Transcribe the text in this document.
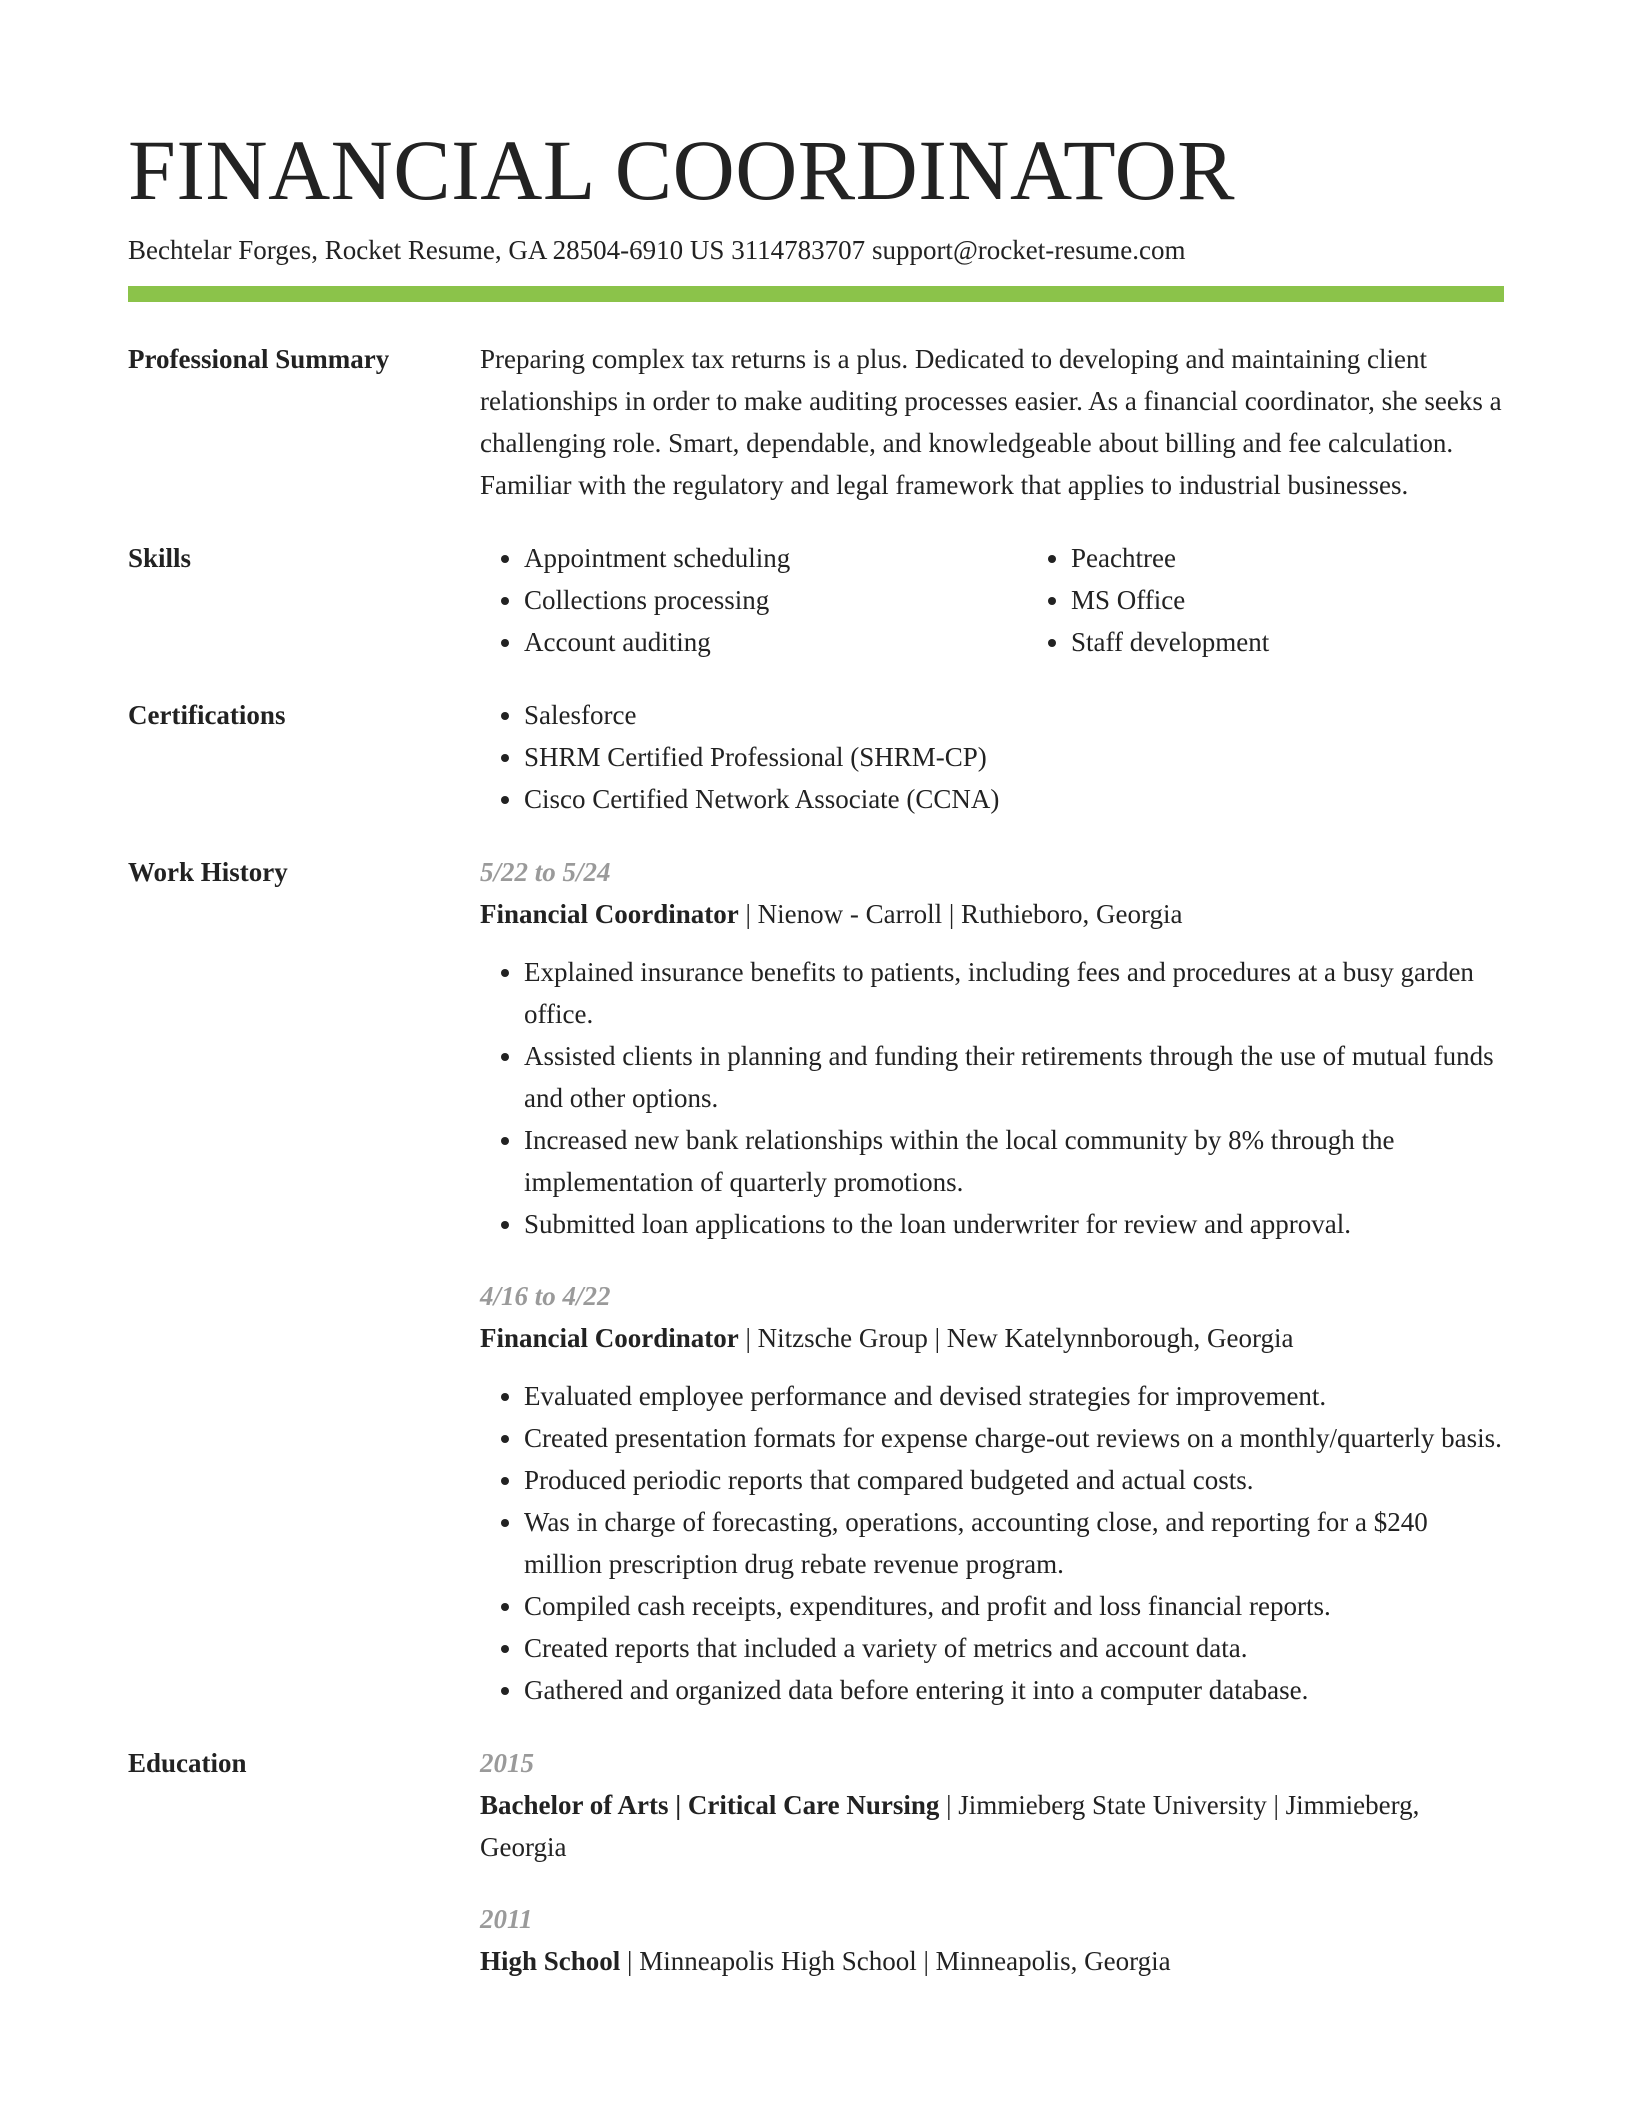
FINANCIAL COORDINATOR
Bechtelar Forges, Rocket Resume, GA 28504-6910 US 3114783707 support@rocket-resume.com
Professional Summary	Preparing complex tax returns is a plus. Dedicated to developing and maintaining client relationships in order to make auditing processes easier. As a financial coordinator, she seeks a challenging role. Smart, dependable, and knowledgeable about billing and fee calculation. Familiar with the regulatory and legal framework that applies to industrial businesses.

Skills	• Appointment scheduling
• Collections processing
• Account auditing
• Peachtree
• MS Office
• Staff development
Certifications	• Salesforce
• SHRM Certified Professional (SHRM-CP)
• Cisco Certified Network Associate (CCNA)
Work History	5/22 to 5/24
Financial Coordinator | Nienow - Carroll | Ruthieboro, Georgia
• Explained insurance benefits to patients, including fees and procedures at a busy garden office.
• Assisted clients in planning and funding their retirements through the use of mutual funds and other options.
• Increased new bank relationships within the local community by 8% through the implementation of quarterly promotions.
• Submitted loan applications to the loan underwriter for review and approval.
4/16 to 4/22
Financial Coordinator | Nitzsche Group | New Katelynnborough, Georgia
• Evaluated employee performance and devised strategies for improvement.
• Created presentation formats for expense charge-out reviews on a monthly/quarterly basis.
• Produced periodic reports that compared budgeted and actual costs.
• Was in charge of forecasting, operations, accounting close, and reporting for a $240 million prescription drug rebate revenue program.
• Compiled cash receipts, expenditures, and profit and loss financial reports.
• Created reports that included a variety of metrics and account data.
• Gathered and organized data before entering it into a computer database.
Education	2015
Bachelor of Arts | Critical Care Nursing | Jimmieberg State University | Jimmieberg, Georgia
2011
High School | Minneapolis High School | Minneapolis, Georgia
